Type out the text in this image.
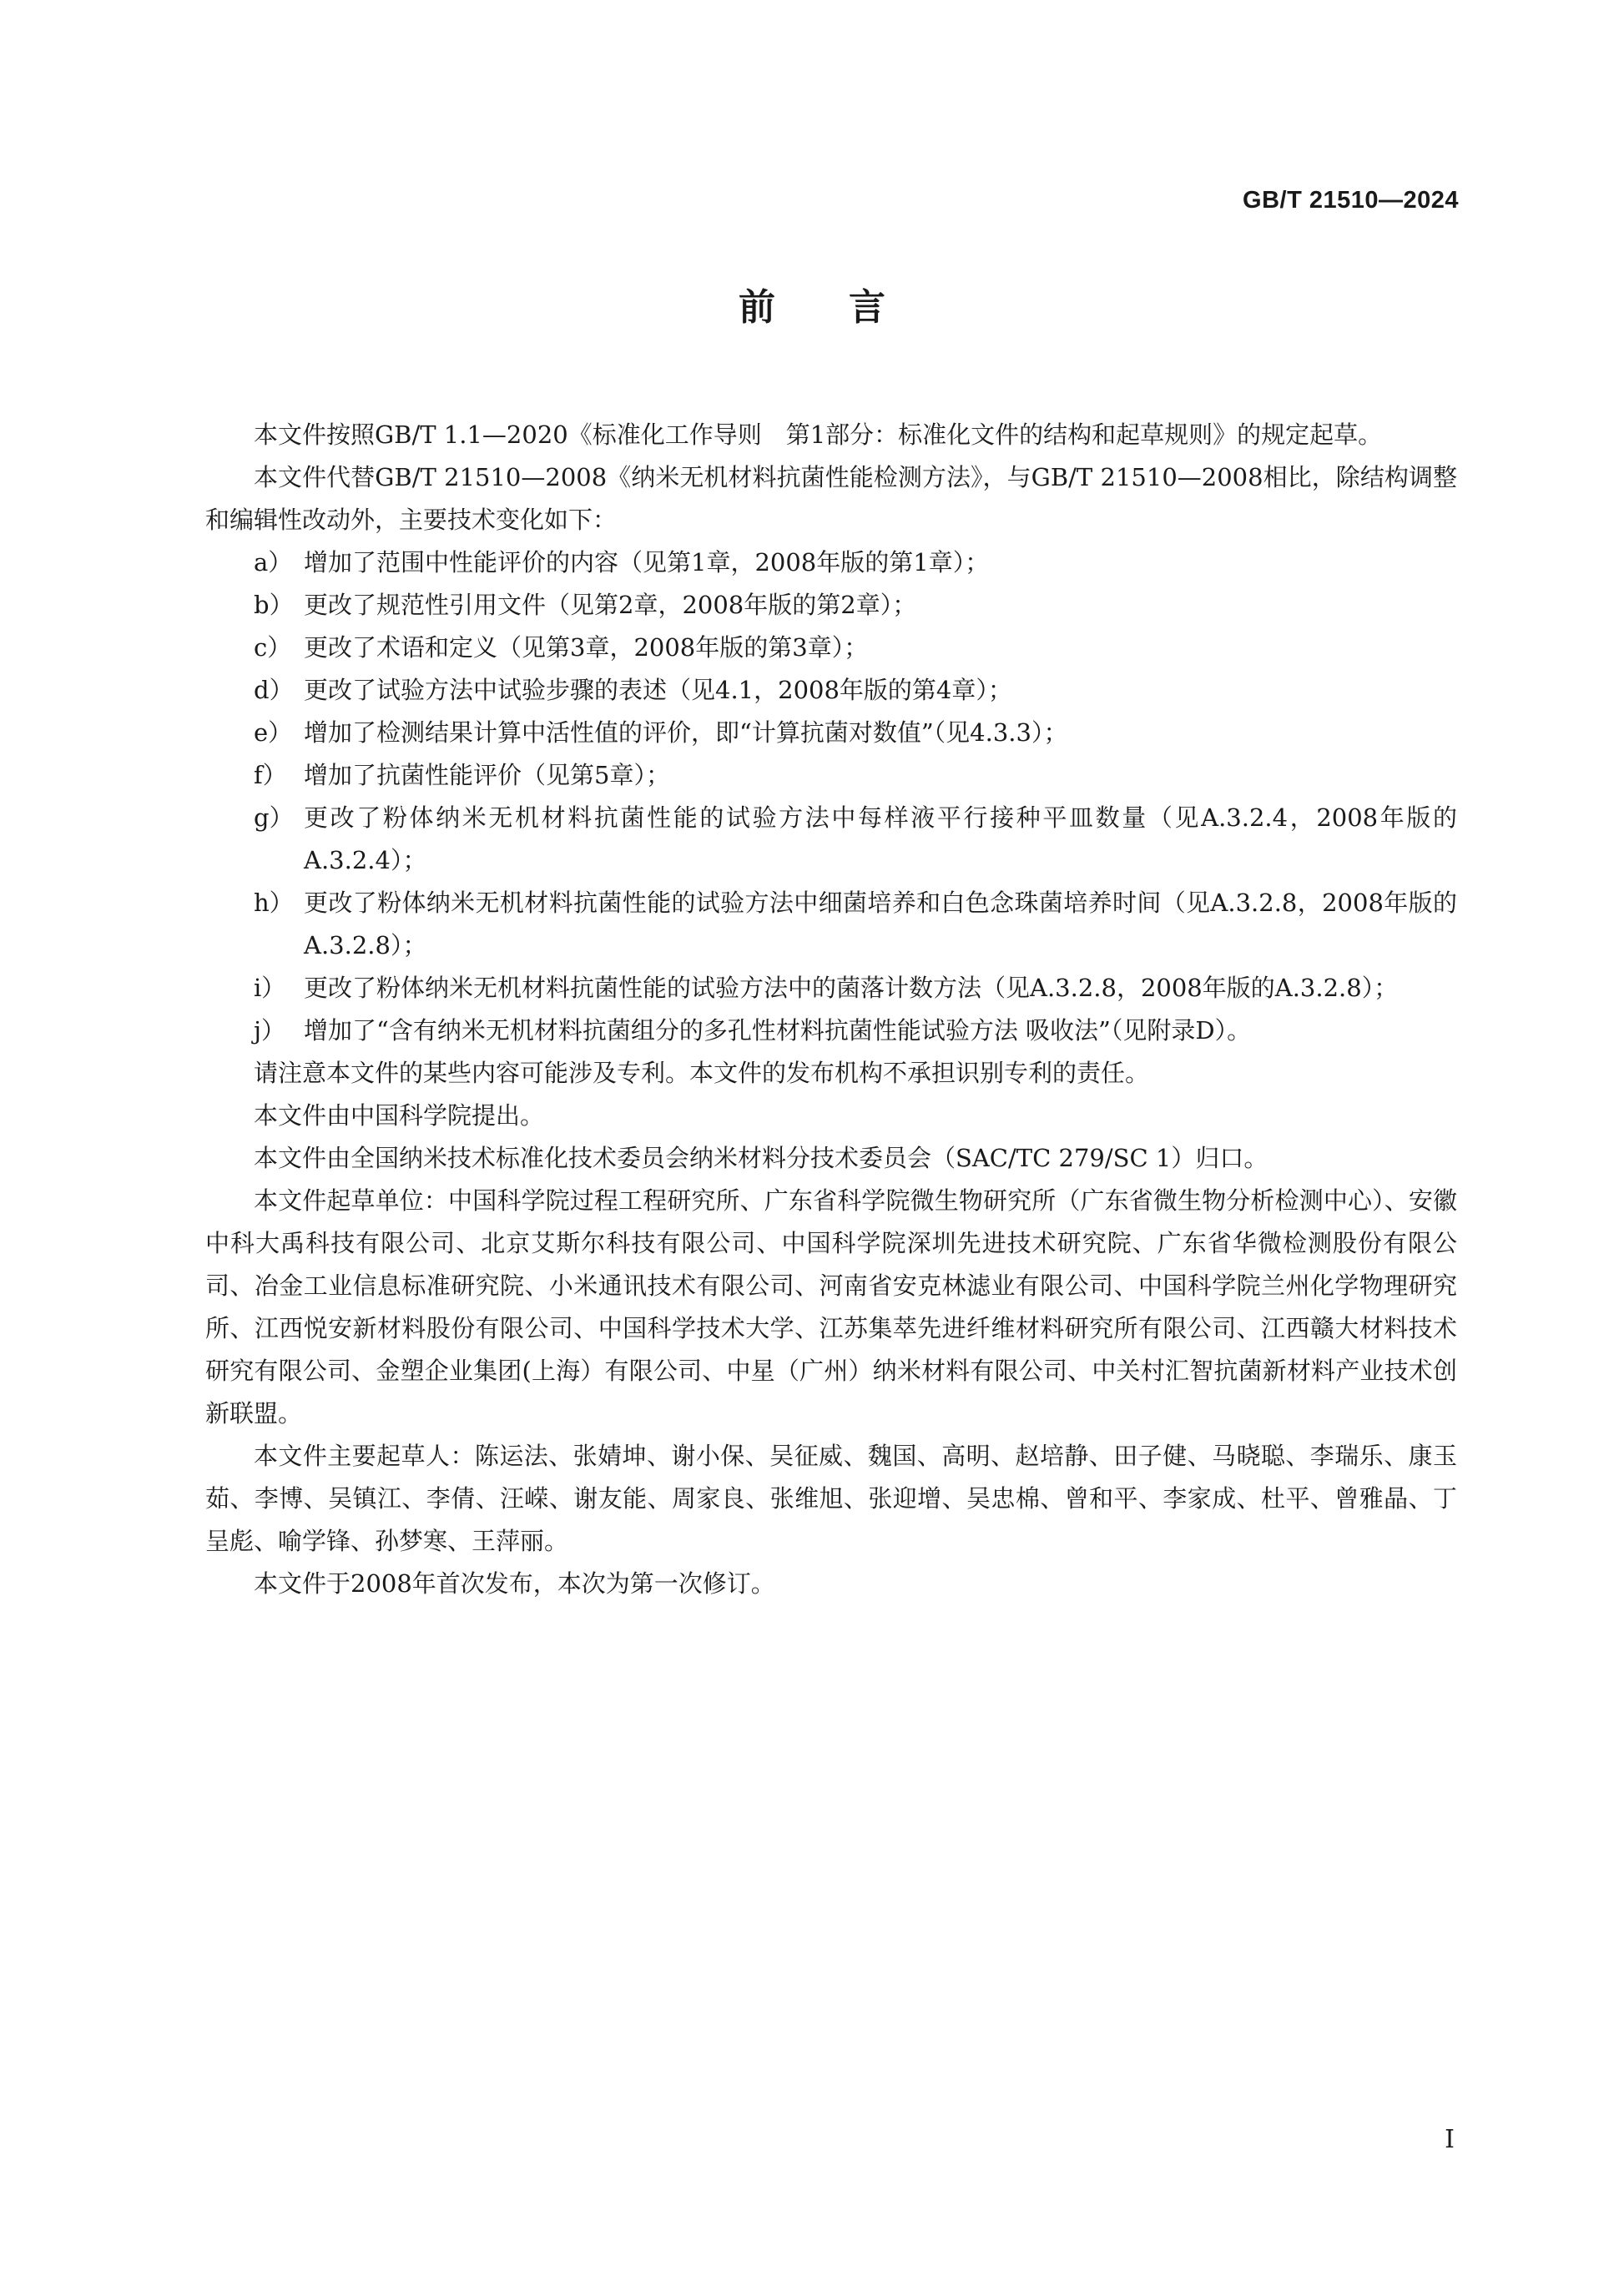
GB/T 21510—2024
前 言

本文件按照GB/T 1.1—2020《标准化工作导则　第1部分：标准化文件的结构和起草规则》的规定起草。

本文件代替GB/T 21510—2008《纳米无机材料抗菌性能检测方法》，与GB/T 21510—2008相比，除结构调整和编辑性改动外，主要技术变化如下：

a） 增加了范围中性能评价的内容（见第1章，2008年版的第1章）；
b） 更改了规范性引用文件（见第2章，2008年版的第2章）；
c） 更改了术语和定义（见第3章，2008年版的第3章）；
d） 更改了试验方法中试验步骤的表述（见4.1，2008年版的第4章）；
e） 增加了检测结果计算中活性值的评价，即“计算抗菌对数值”（见4.3.3）；
f） 增加了抗菌性能评价（见第5章）；
g） 更改了粉体纳米无机材料抗菌性能的试验方法中每样液平行接种平皿数量（见A.3.2.4，2008年版的A.3.2.4）；
h） 更改了粉体纳米无机材料抗菌性能的试验方法中细菌培养和白色念珠菌培养时间（见A.3.2.8，2008年版的A.3.2.8）；
i） 更改了粉体纳米无机材料抗菌性能的试验方法中的菌落计数方法（见A.3.2.8，2008年版的A.3.2.8）；
j） 增加了“含有纳米无机材料抗菌组分的多孔性材料抗菌性能试验方法 吸收法”（见附录D）。

请注意本文件的某些内容可能涉及专利。本文件的发布机构不承担识别专利的责任。

本文件由中国科学院提出。

本文件由全国纳米技术标准化技术委员会纳米材料分技术委员会（SAC/TC 279/SC 1）归口。

本文件起草单位：中国科学院过程工程研究所、广东省科学院微生物研究所（广东省微生物分析检测中心）、安徽中科大禹科技有限公司、北京艾斯尔科技有限公司、中国科学院深圳先进技术研究院、广东省华微检测股份有限公司、冶金工业信息标准研究院、小米通讯技术有限公司、河南省安克林滤业有限公司、中国科学院兰州化学物理研究所、江西悦安新材料股份有限公司、中国科学技术大学、江苏集萃先进纤维材料研究所有限公司、江西赣大材料技术研究有限公司、金塑企业集团(上海）有限公司、中星（广州）纳米材料有限公司、中关村汇智抗菌新材料产业技术创新联盟。

本文件主要起草人：陈运法、张婧坤、谢小保、吴征威、魏国、高明、赵培静、田子健、马晓聪、李瑞乐、康玉茹、李博、吴镇江、李倩、汪嵘、谢友能、周家良、张维旭、张迎增、吴忠棉、曾和平、李家成、杜平、曾雅晶、丁呈彪、喻学锋、孙梦寒、王萍丽。

本文件于2008年首次发布，本次为第一次修订。

I
